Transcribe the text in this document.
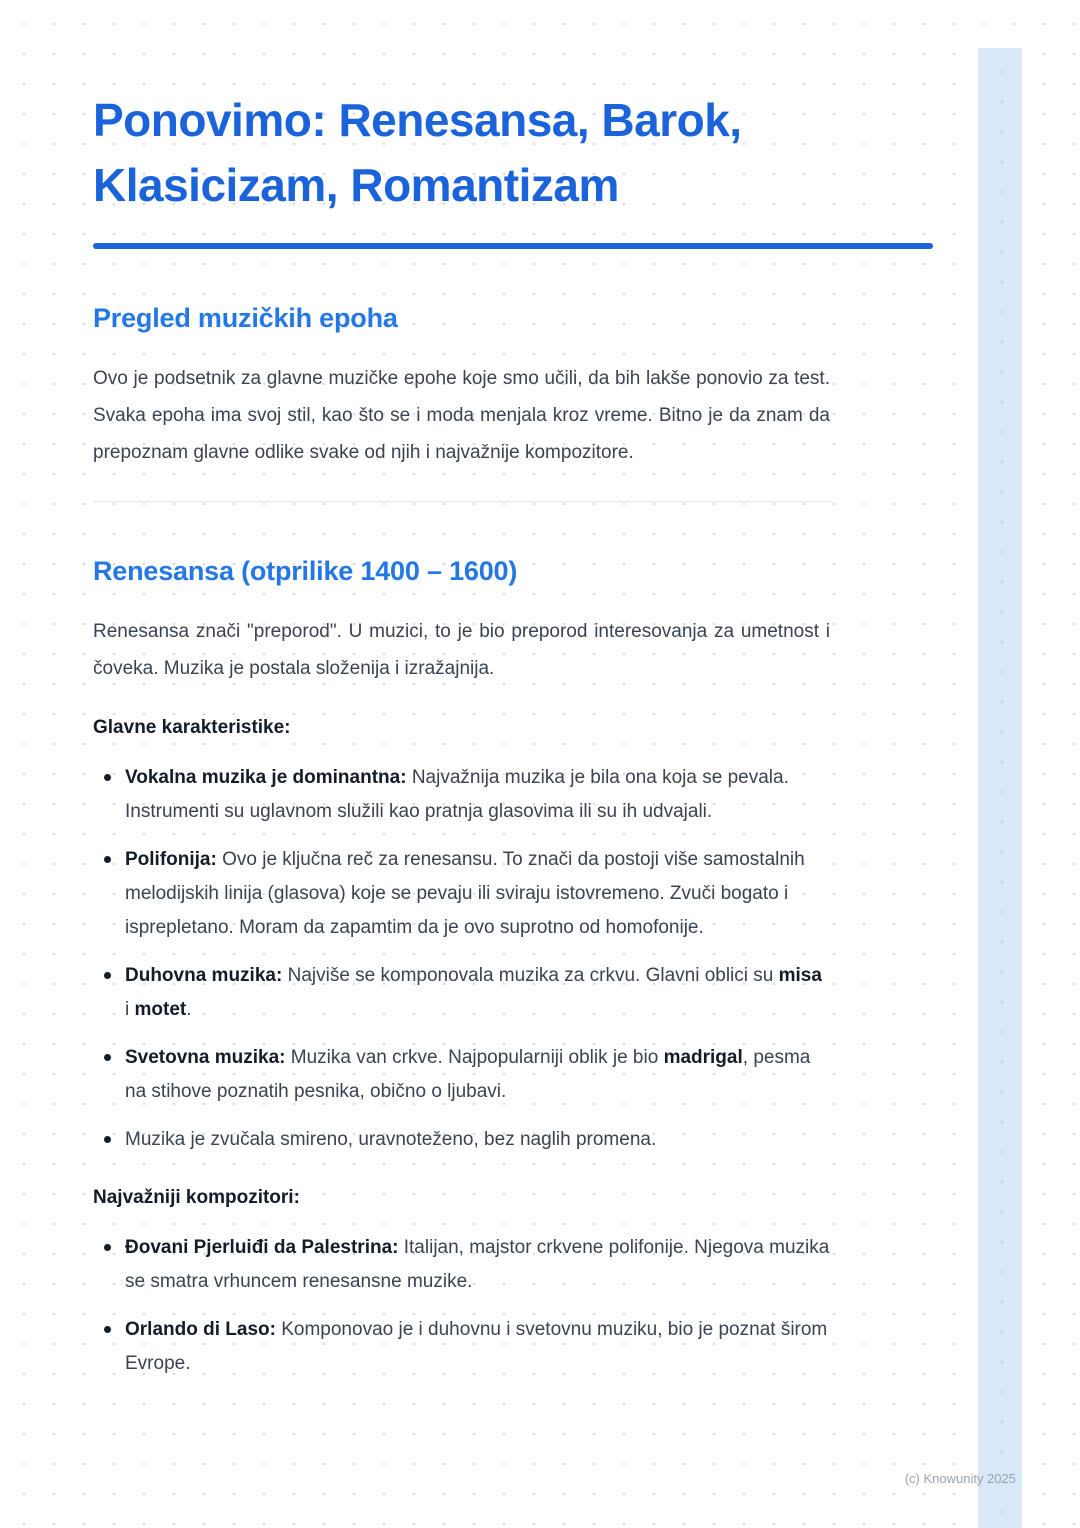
Ponovimo: Renesansa, Barok, Klasicizam, Romantizam
Pregled muzičkih epoha

Ovo je podsetnik za glavne muzičke epohe koje smo učili, da bih lakše ponovio za test. Svaka epoha ima svoj stil, kao što se i moda menjala kroz vreme. Bitno je da znam da prepoznam glavne odlike svake od njih i najvažnije kompozitore.

Renesansa (otprilike 1400 – 1600)

Renesansa znači "preporod". U muzici, to je bio preporod interesovanja za umetnost i čoveka. Muzika je postala složenija i izražajnija.

Glavne karakteristike:

Vokalna muzika je dominantna: Najvažnija muzika je bila ona koja se pevala. Instrumenti su uglavnom služili kao pratnja glasovima ili su ih udvajali.
Polifonija: Ovo je ključna reč za renesansu. To znači da postoji više samostalnih melodijskih linija (glasova) koje se pevaju ili sviraju istovremeno. Zvuči bogato i isprepletano. Moram da zapamtim da je ovo suprotno od homofonije.
Duhovna muzika: Najviše se komponovala muzika za crkvu. Glavni oblici su misa i motet.
Svetovna muzika: Muzika van crkve. Najpopularniji oblik je bio madrigal, pesma na stihove poznatih pesnika, obično o ljubavi.
Muzika je zvučala smireno, uravnoteženo, bez naglih promena.

Najvažniji kompozitori:

Đovani Pjerluiđi da Palestrina: Italijan, majstor crkvene polifonije. Njegova muzika se smatra vrhuncem renesansne muzike.
Orlando di Laso: Komponovao je i duhovnu i svetovnu muziku, bio je poznat širom Evrope.
(c) Knowunity 2025
